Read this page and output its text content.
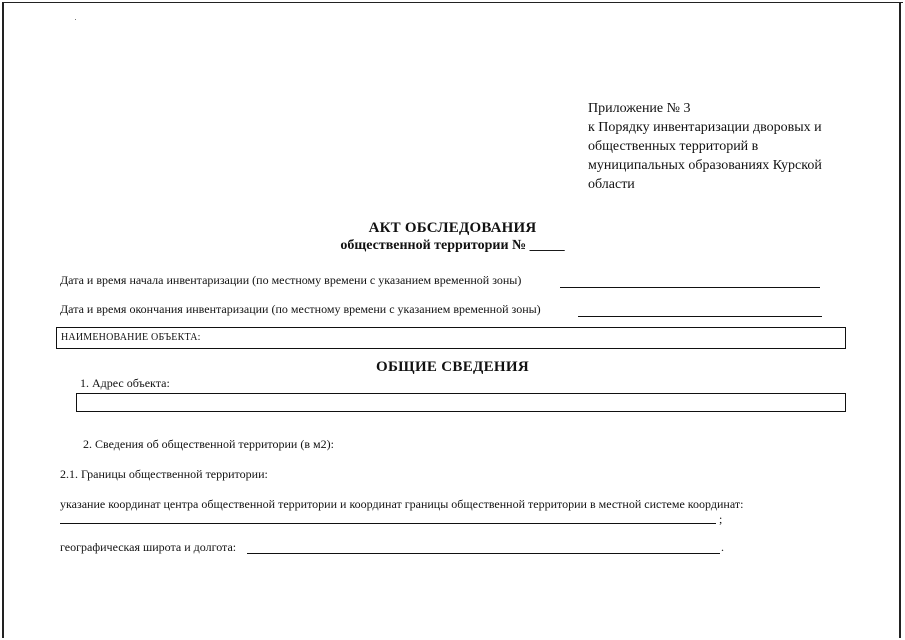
Приложение № 3
к Порядку инвентаризации дворовых и
общественных территорий в
муниципальных образованиях Курской
области
АКТ ОБСЛЕДОВАНИЯ
общественной территории № _____
Дата и время начала инвентаризации (по местному времени с указанием временной зоны)
Дата и время окончания инвентаризации (по местному времени с указанием временной зоны)
НАИМЕНОВАНИЕ ОБЪЕКТА:
ОБЩИЕ СВЕДЕНИЯ
1. Адрес объекта:
2. Сведения об общественной территории (в м2):
2.1. Границы общественной территории:
указание координат центра общественной территории и координат границы общественной территории в местной системе координат:
;
географическая широта и долгота:	.
